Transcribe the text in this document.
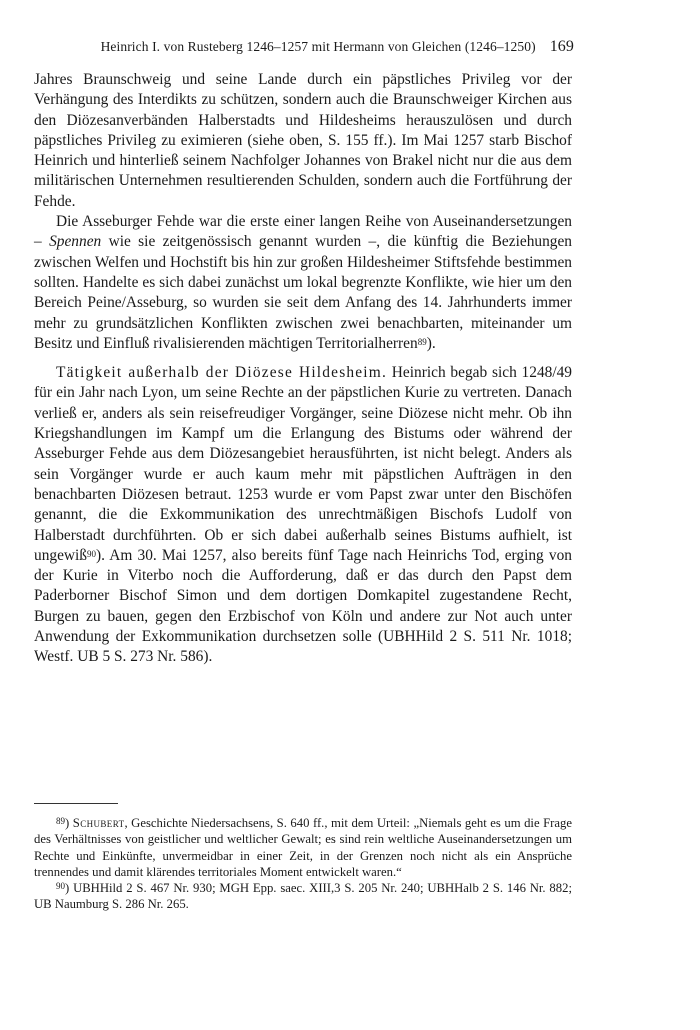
Heinrich I. von Rusteberg 1246–1257 mit Hermann von Gleichen (1246–1250) 169

Jahres Braunschweig und seine Lande durch ein päpstliches Privileg vor der Verhängung des Interdikts zu schützen, sondern auch die Braunschweiger Kirchen aus den Diözesanverbänden Halberstadts und Hildesheims herauszulösen und durch päpstliches Privileg zu eximieren (siehe oben, S. 155 ff.). Im Mai 1257 starb Bischof Heinrich und hinterließ seinem Nachfolger Johannes von Brakel nicht nur die aus dem militärischen Unternehmen resultierenden Schulden, sondern auch die Fortführung der Fehde.

Die Asseburger Fehde war die erste einer langen Reihe von Auseinandersetzungen – Spennen wie sie zeitgenössisch genannt wurden –, die künftig die Beziehungen zwischen Welfen und Hochstift bis hin zur großen Hildesheimer Stiftsfehde bestimmen sollten. Handelte es sich dabei zunächst um lokal begrenzte Konflikte, wie hier um den Bereich Peine/Asseburg, so wurden sie seit dem Anfang des 14. Jahrhunderts immer mehr zu grundsätzlichen Konflikten zwischen zwei benachbarten, miteinander um Besitz und Einfluß rivalisierenden mächtigen Territorialherren$^{89}$).

Tätigkeit außerhalb der Diözese Hildesheim. Heinrich begab sich 1248/49 für ein Jahr nach Lyon, um seine Rechte an der päpstlichen Kurie zu vertreten. Danach verließ er, anders als sein reisefreudiger Vorgänger, seine Diözese nicht mehr. Ob ihn Kriegshandlungen im Kampf um die Erlangung des Bistums oder während der Asseburger Fehde aus dem Diözesangebiet herausführten, ist nicht belegt. Anders als sein Vorgänger wurde er auch kaum mehr mit päpstlichen Aufträgen in den benachbarten Diözesen betraut. 1253 wurde er vom Papst zwar unter den Bischöfen genannt, die die Exkommunikation des unrechtmäßigen Bischofs Ludolf von Halberstadt durchführten. Ob er sich dabei außerhalb seines Bistums aufhielt, ist ungewiß$^{90}$). Am 30. Mai 1257, also bereits fünf Tage nach Heinrichs Tod, erging von der Kurie in Viterbo noch die Aufforderung, daß er das durch den Papst dem Paderborner Bischof Simon und dem dortigen Domkapitel zugestandene Recht, Burgen zu bauen, gegen den Erzbischof von Köln und andere zur Not auch unter Anwendung der Exkommunikation durchsetzen solle (UBHHild 2 S. 511 Nr. 1018; Westf. UB 5 S. 273 Nr. 586).

$^{89}$) Schubert, Geschichte Niedersachsens, S. 640 ff., mit dem Urteil: „Niemals geht es um die Frage des Verhältnisses von geistlicher und weltlicher Gewalt; es sind rein weltliche Auseinandersetzungen um Rechte und Einkünfte, unvermeidbar in einer Zeit, in der Grenzen noch nicht als ein Ansprüche trennendes und damit klärendes territoriales Moment entwickelt waren.“

$^{90}$) UBHHild 2 S. 467 Nr. 930; MGH Epp. saec. XIII,3 S. 205 Nr. 240; UBHHalb 2 S. 146 Nr. 882; UB Naumburg S. 286 Nr. 265.
